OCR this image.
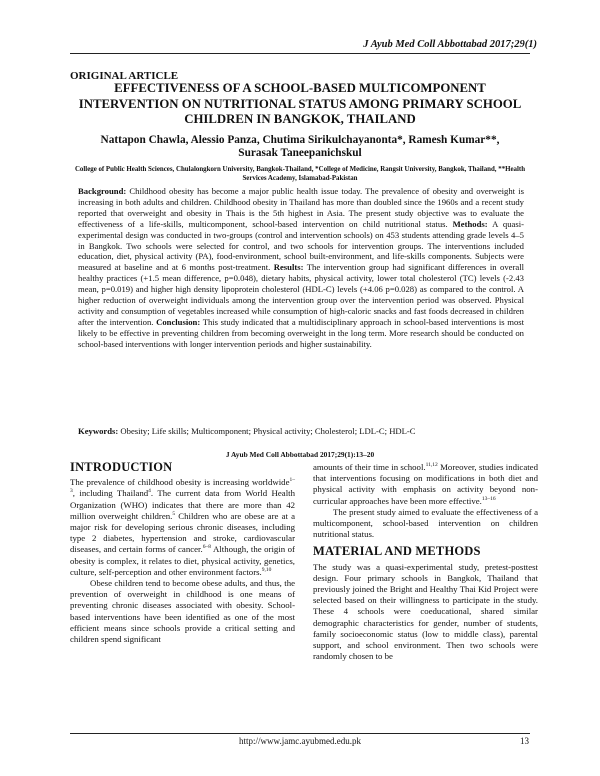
J Ayub Med Coll Abbottabad 2017;29(1)
ORIGINAL ARTICLE
EFFECTIVENESS OF A SCHOOL-BASED MULTICOMPONENT INTERVENTION ON NUTRITIONAL STATUS AMONG PRIMARY SCHOOL CHILDREN IN BANGKOK, THAILAND
Nattapon Chawla, Alessio Panza, Chutima Sirikulchayanonta*, Ramesh Kumar**, Surasak Taneepanichskul
College of Public Health Sciences, Chulalongkorn University, Bangkok-Thailand, *College of Medicine, Rangsit University, Bangkok, Thailand, **Health Services Academy, Islamabad-Pakistan
Background: Childhood obesity has become a major public health issue today. The prevalence of obesity and overweight is increasing in both adults and children. Childhood obesity in Thailand has more than doubled since the 1960s and a recent study reported that overweight and obesity in Thais is the 5th highest in Asia. The present study objective was to evaluate the effectiveness of a life-skills, multicomponent, school-based intervention on child nutritional status. Methods: A quasi-experimental design was conducted in two-groups (control and intervention schools) on 453 students attending grade levels 4–5 in Bangkok. Two schools were selected for control, and two schools for intervention groups. The interventions included education, diet, physical activity (PA), food-environment, school built-environment, and life-skills components. Subjects were measured at baseline and at 6 months post-treatment. Results: The intervention group had significant differences in overall healthy practices (+1.5 mean difference, p=0.048), dietary habits, physical activity, lower total cholesterol (TC) levels (-2.43 mean, p=0.019) and higher high density lipoprotein cholesterol (HDL-C) levels (+4.06 p=0.028) as compared to the control. A higher reduction of overweight individuals among the intervention group over the intervention period was observed. Physical activity and consumption of vegetables increased while consumption of high-caloric snacks and fast foods decreased in children after the intervention. Conclusion: This study indicated that a multidisciplinary approach in school-based interventions is most likely to be effective in preventing children from becoming overweight in the long term. More research should be conducted on school-based interventions with longer intervention periods and higher sustainability.
Keywords: Obesity; Life skills; Multicomponent; Physical activity; Cholesterol; LDL-C; HDL-C
J Ayub Med Coll Abbottabad 2017;29(1):13–20
INTRODUCTION

The prevalence of childhood obesity is increasing worldwide$^{1-3}$, including Thailand$^4$. The current data from World Health Organization (WHO) indicates that there are more than 42 million overweight children.$^5$ Children who are obese are at a major risk for developing serious chronic diseases, including type 2 diabetes, hypertension and stroke, cardiovascular diseases, and certain forms of cancer.$^{6-8}$ Although, the origin of obesity is complex, it relates to diet, physical activity, genetics, culture, self-perception and other environment factors.$^{9,10}$

Obese children tend to become obese adults, and thus, the prevention of overweight in childhood is one means of preventing chronic diseases associated with obesity. School-based interventions have been identified as one of the most efficient means since schools provide a critical setting and children spend significant

amounts of their time in school.$^{11,12}$ Moreover, studies indicated that interventions focusing on modifications in both diet and physical activity with emphasis on activity beyond non-curricular approaches have been more effective.$^{13-16}$

The present study aimed to evaluate the effectiveness of a multicomponent, school-based intervention on children nutritional status.

MATERIAL AND METHODS

The study was a quasi-experimental study, pretest-posttest design. Four primary schools in Bangkok, Thailand that previously joined the Bright and Healthy Thai Kid Project were selected based on their willingness to participate in the study. These 4 schools were coeducational, shared similar demographic characteristics for gender, number of students, family socioeconomic status (low to middle class), parental support, and school environment. Then two schools were randomly chosen to be

http://www.jamc.ayubmed.edu.pk	13
